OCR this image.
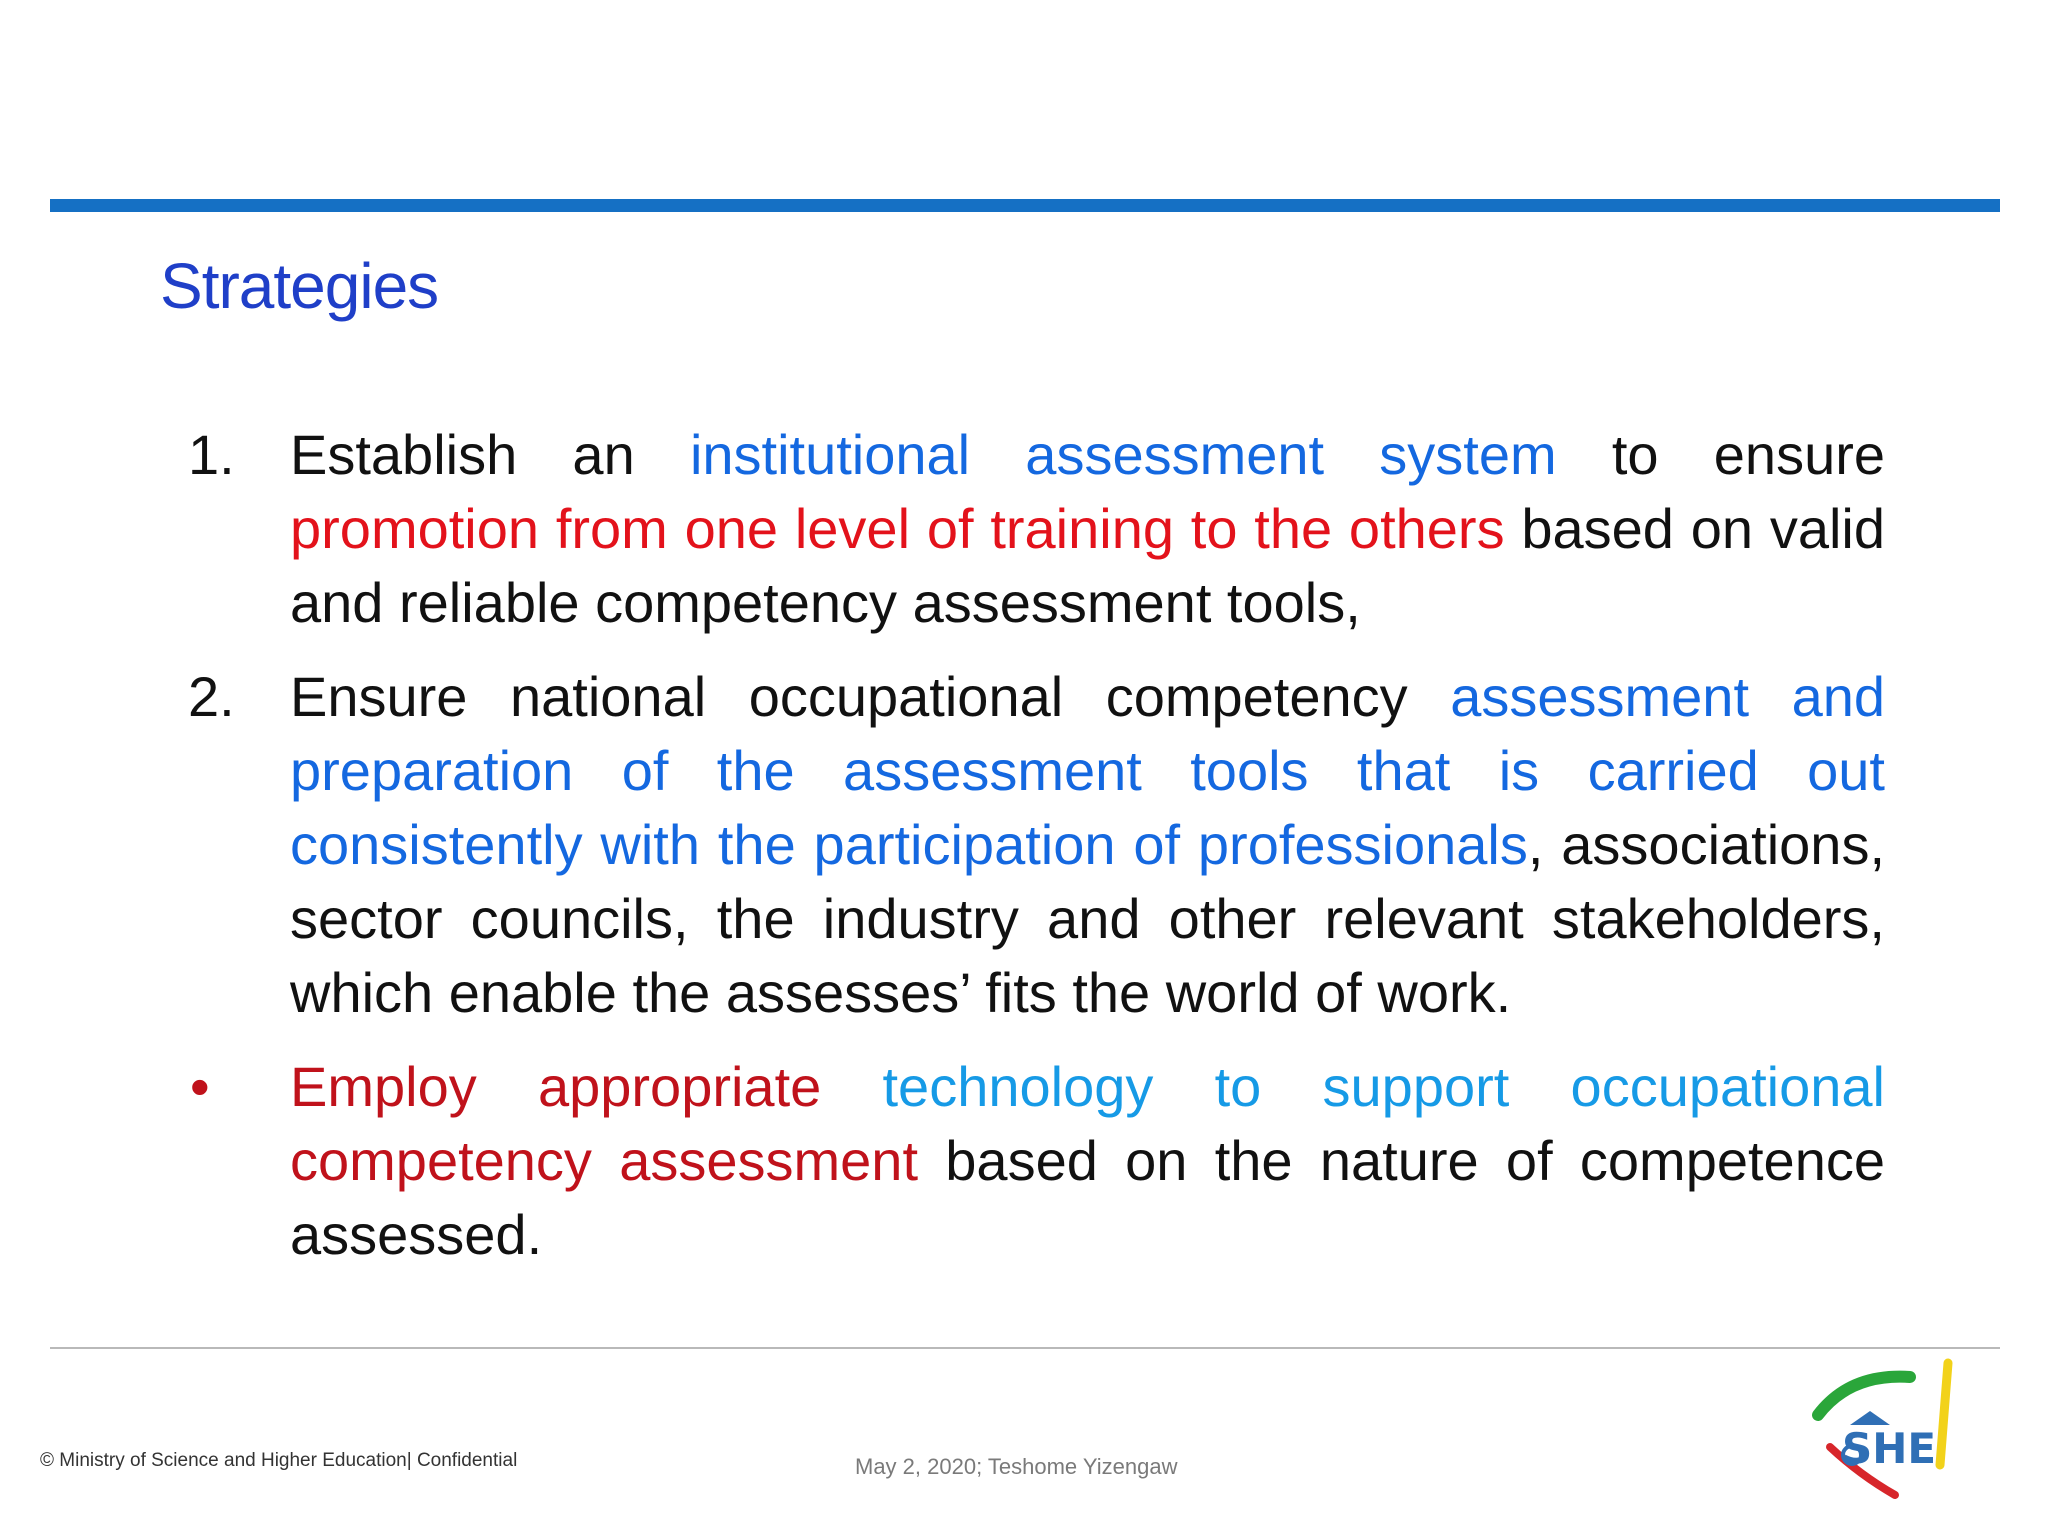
Strategies
1. Establish an institutional assessment system to ensure promotion from one level of training to the others based on valid and reliable competency assessment tools,
2. Ensure national occupational competency assessment and preparation of the assessment tools that is carried out consistently with the participation of professionals, associations, sector councils, the industry and other relevant stakeholders, which enable the assesses’ fits the world of work.
• Employ appropriate technology to support occupational competency assessment based on the nature of competence assessed.
© Ministry of Science and Higher Education| Confidential	May 2, 2020; Teshome Yizengaw	SHE
